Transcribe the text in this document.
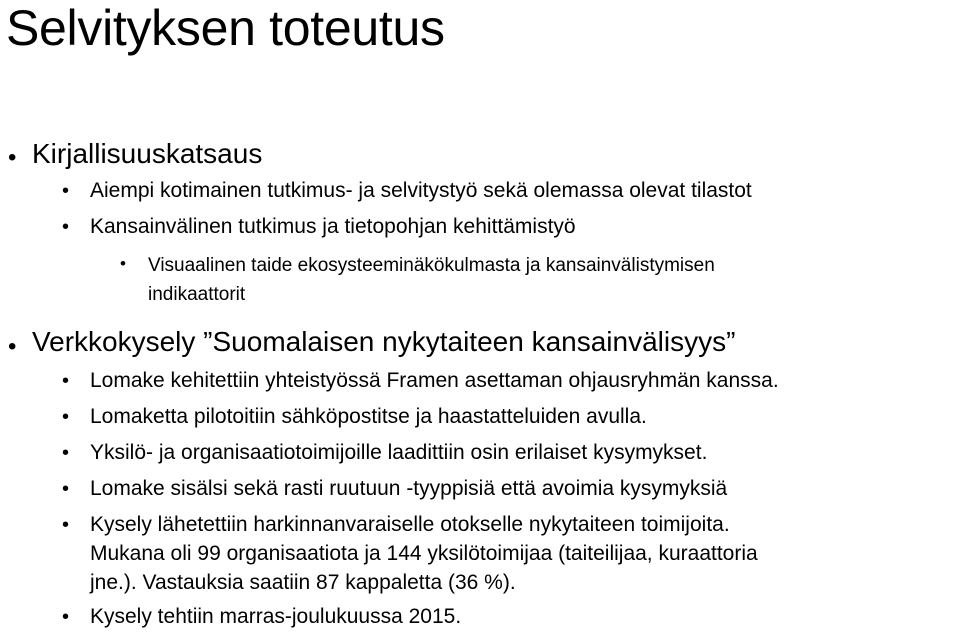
Selvityksen toteutus
• Kirjallisuuskatsaus
• Aiempi kotimainen tutkimus- ja selvitystyö sekä olemassa olevat tilastot
• Kansainvälinen tutkimus ja tietopohjan kehittämistyö
• Visuaalinen taide ekosysteeminäkökulmasta ja kansainvälistymisen
indikaattorit
• Verkkokysely ”Suomalaisen nykytaiteen kansainvälisyys”
• Lomake kehitettiin yhteistyössä Framen asettaman ohjausryhmän kanssa.
• Lomaketta pilotoitiin sähköpostitse ja haastatteluiden avulla.
• Yksilö- ja organisaatiotoimijoille laadittiin osin erilaiset kysymykset.
• Lomake sisälsi sekä rasti ruutuun -tyyppisiä että avoimia kysymyksiä
• Kysely lähetettiin harkinnanvaraiselle otokselle nykytaiteen toimijoita.
Mukana oli 99 organisaatiota ja 144 yksilötoimijaa (taiteilijaa, kuraattoria
jne.). Vastauksia saatiin 87 kappaletta (36 %).
• Kysely tehtiin marras-joulukuussa 2015.
